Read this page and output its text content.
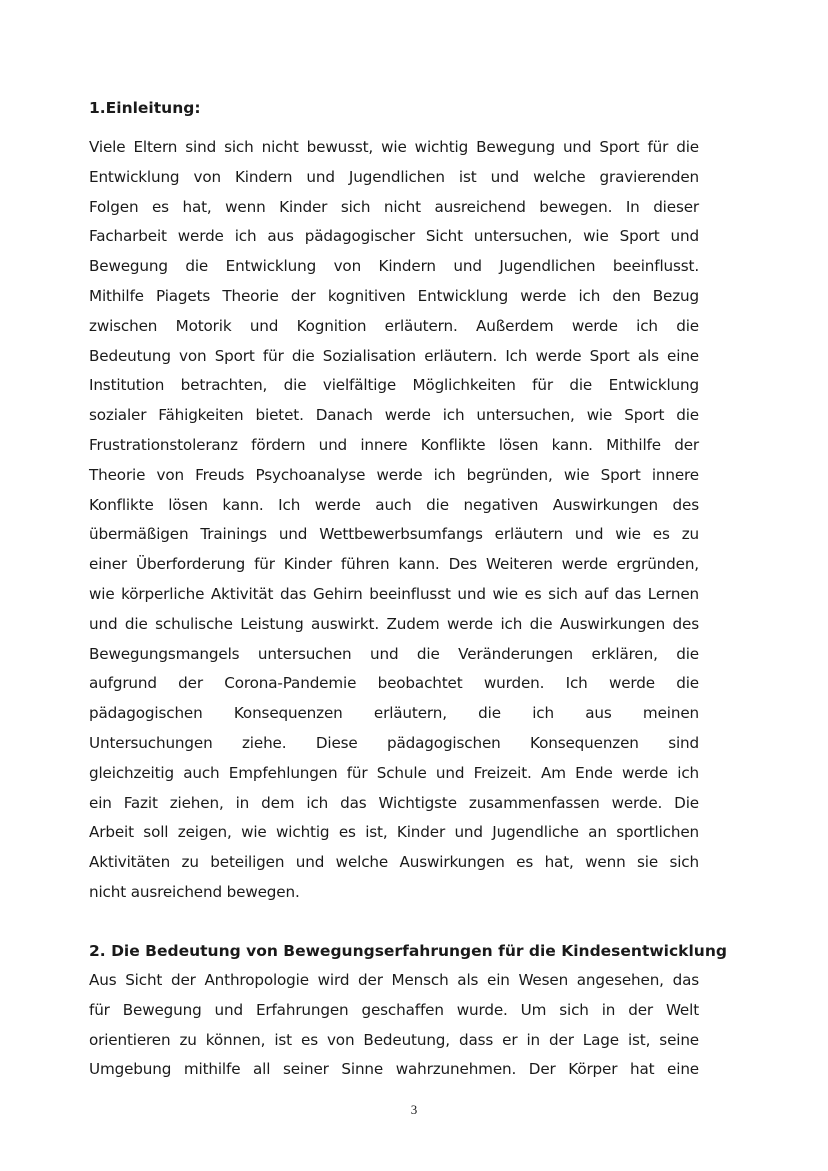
1.Einleitung:
Viele Eltern sind sich nicht bewusst, wie wichtig Bewegung und Sport für die
Entwicklung von Kindern und Jugendlichen ist und welche gravierenden
Folgen es hat, wenn Kinder sich nicht ausreichend bewegen. In dieser
Facharbeit werde ich aus pädagogischer Sicht untersuchen, wie Sport und
Bewegung die Entwicklung von Kindern und Jugendlichen beeinflusst.
Mithilfe Piagets Theorie der kognitiven Entwicklung werde ich den Bezug
zwischen Motorik und Kognition erläutern. Außerdem werde ich die
Bedeutung von Sport für die Sozialisation erläutern. Ich werde Sport als eine
Institution betrachten, die vielfältige Möglichkeiten für die Entwicklung
sozialer Fähigkeiten bietet. Danach werde ich untersuchen, wie Sport die
Frustrationstoleranz fördern und innere Konflikte lösen kann. Mithilfe der
Theorie von Freuds Psychoanalyse werde ich begründen, wie Sport innere
Konflikte lösen kann. Ich werde auch die negativen Auswirkungen des
übermäßigen Trainings und Wettbewerbsumfangs erläutern und wie es zu
einer Überforderung für Kinder führen kann. Des Weiteren werde ergründen,
wie körperliche Aktivität das Gehirn beeinflusst und wie es sich auf das Lernen
und die schulische Leistung auswirkt. Zudem werde ich die Auswirkungen des
Bewegungsmangels untersuchen und die Veränderungen erklären, die
aufgrund der Corona-Pandemie beobachtet wurden. Ich werde die
pädagogischen Konsequenzen erläutern, die ich aus meinen
Untersuchungen ziehe. Diese pädagogischen Konsequenzen sind
gleichzeitig auch Empfehlungen für Schule und Freizeit. Am Ende werde ich
ein Fazit ziehen, in dem ich das Wichtigste zusammenfassen werde. Die
Arbeit soll zeigen, wie wichtig es ist, Kinder und Jugendliche an sportlichen
Aktivitäten zu beteiligen und welche Auswirkungen es hat, wenn sie sich
nicht ausreichend bewegen.
2. Die Bedeutung von Bewegungserfahrungen für die Kindesentwicklung
Aus Sicht der Anthropologie wird der Mensch als ein Wesen angesehen, das
für Bewegung und Erfahrungen geschaffen wurde. Um sich in der Welt
orientieren zu können, ist es von Bedeutung, dass er in der Lage ist, seine
Umgebung mithilfe all seiner Sinne wahrzunehmen. Der Körper hat eine
3
